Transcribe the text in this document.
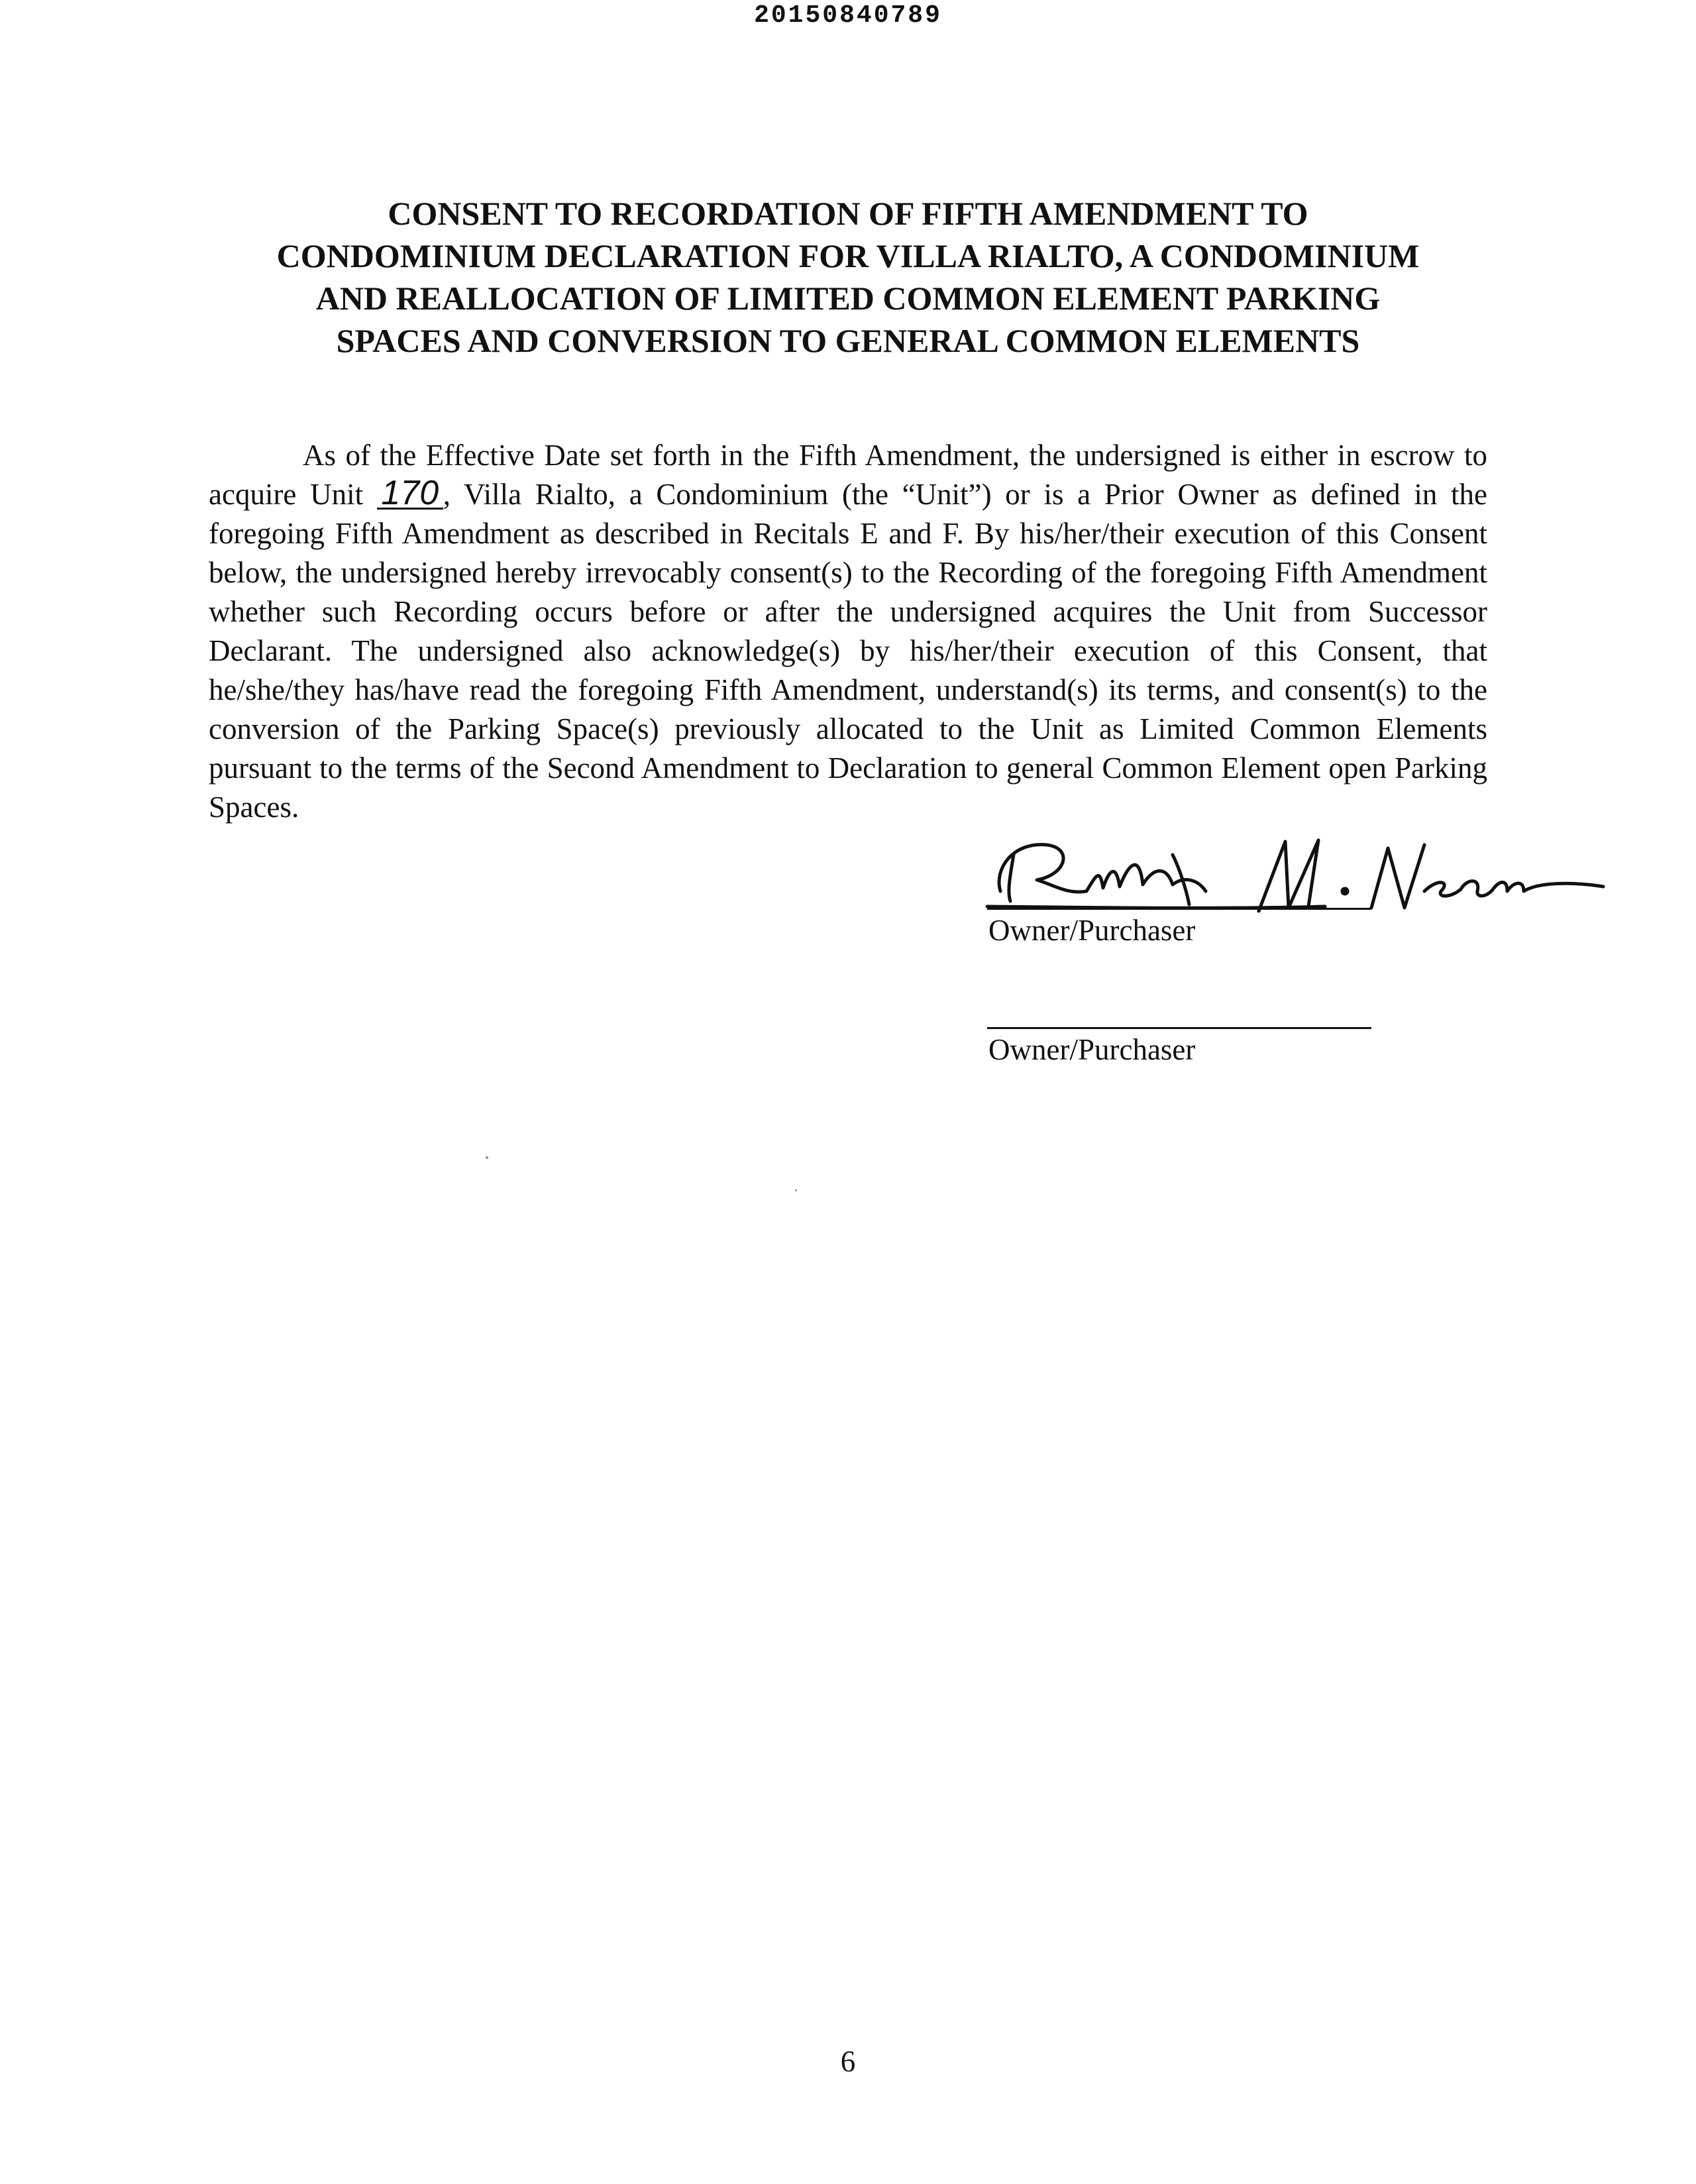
20150840789
CONSENT TO RECORDATION OF FIFTH AMENDMENT TO
CONDOMINIUM DECLARATION FOR VILLA RIALTO, A CONDOMINIUM
AND REALLOCATION OF LIMITED COMMON ELEMENT PARKING
SPACES AND CONVERSION TO GENERAL COMMON ELEMENTS
As of the Effective Date set forth in the Fifth Amendment, the undersigned is either in escrow to acquire Unit 170 , Villa Rialto, a Condominium (the “Unit”) or is a Prior Owner as defined in the foregoing Fifth Amendment as described in Recitals E and F. By his/her/their execution of this Consent below, the undersigned hereby irrevocably consent(s) to the Recording of the foregoing Fifth Amendment whether such Recording occurs before or after the undersigned acquires the Unit from Successor Declarant. The undersigned also acknowledge(s) by his/her/their execution of this Consent, that he/she/they has/have read the foregoing Fifth Amendment, understand(s) its terms, and consent(s) to the conversion of the Parking Space(s) previously allocated to the Unit as Limited Common Elements pursuant to the terms of the Second Amendment to Declaration to general Common Element open Parking Spaces.
Owner/Purchaser
Owner/Purchaser
6
